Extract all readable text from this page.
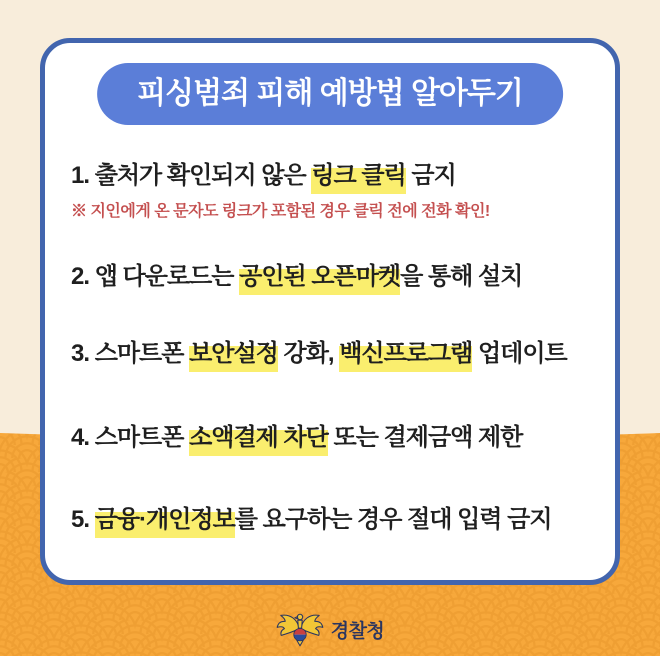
피싱범죄 피해 예방법 알아두기
1. 출처가 확인되지 않은 링크 클릭 금지
※ 지인에게 온 문자도 링크가 포함된 경우 클릭 전에 전화 확인!
2. 앱 다운로드는 공인된 오픈마켓을 통해 설치
3. 스마트폰 보안설정 강화, 백신프로그램 업데이트
4. 스마트폰 소액결제 차단 또는 결제금액 제한
5. 금융·개인정보를 요구하는 경우 절대 입력 금지
경찰청
